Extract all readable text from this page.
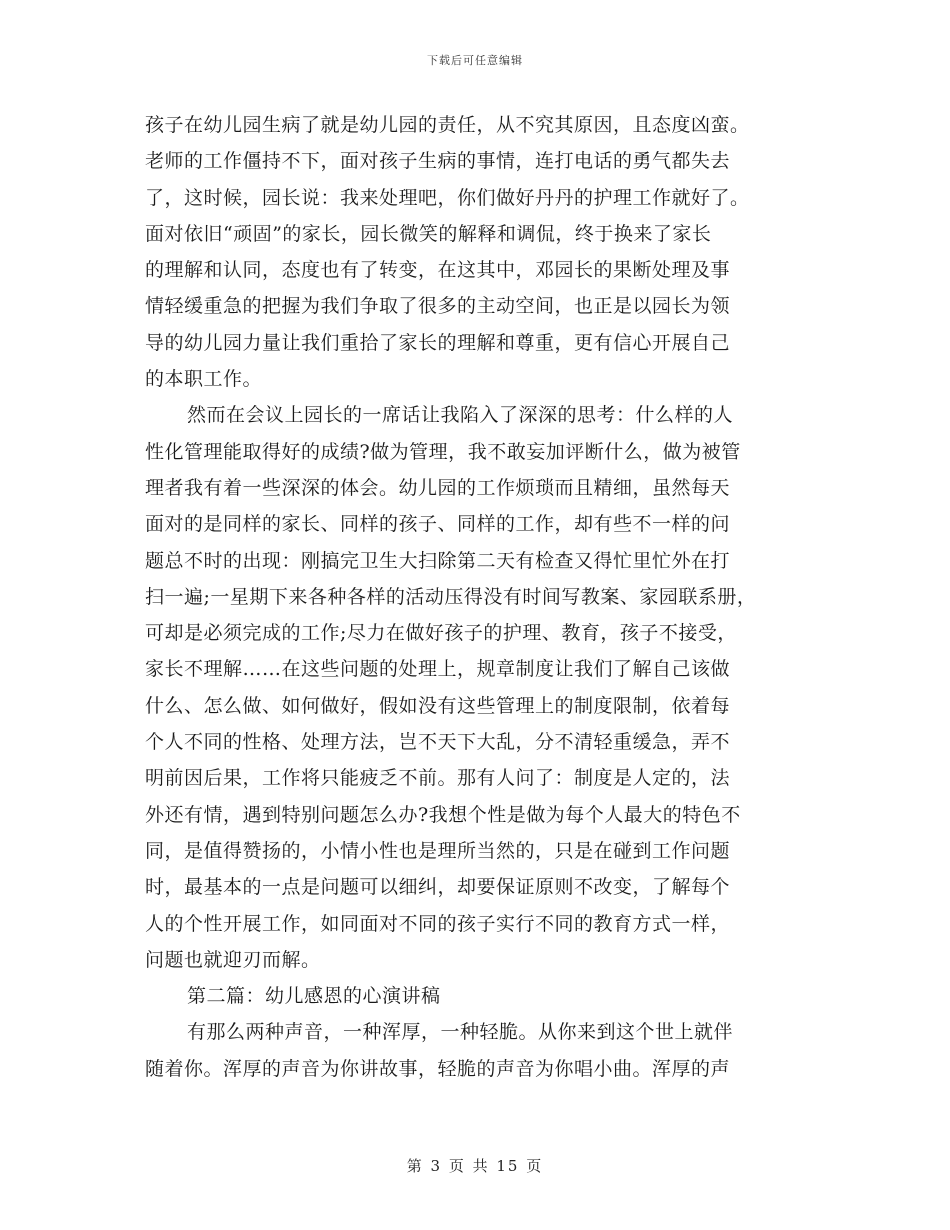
下载后可任意编辑
孩子在幼儿园生病了就是幼儿园的责任，从不究其原因，且态度凶蛮。
老师的工作僵持不下，面对孩子生病的事情，连打电话的勇气都失去
了，这时候，园长说：我来处理吧，你们做好丹丹的护理工作就好了。
面对依旧“顽固”的家长，园长微笑的解释和调侃，终于换来了家长
的理解和认同，态度也有了转变，在这其中，邓园长的果断处理及事
情轻缓重急的把握为我们争取了很多的主动空间，也正是以园长为领
导的幼儿园力量让我们重拾了家长的理解和尊重，更有信心开展自己
的本职工作。
然而在会议上园长的一席话让我陷入了深深的思考：什么样的人
性化管理能取得好的成绩?做为管理，我不敢妄加评断什么，做为被管
理者我有着一些深深的体会。幼儿园的工作烦琐而且精细，虽然每天
面对的是同样的家长、同样的孩子、同样的工作，却有些不一样的问
题总不时的出现：刚搞完卫生大扫除第二天有检查又得忙里忙外在打
扫一遍;一星期下来各种各样的活动压得没有时间写教案、家园联系册，
可却是必须完成的工作;尽力在做好孩子的护理、教育，孩子不接受，
家长不理解……在这些问题的处理上，规章制度让我们了解自己该做
什么、怎么做、如何做好，假如没有这些管理上的制度限制，依着每
个人不同的性格、处理方法，岂不天下大乱，分不清轻重缓急，弄不
明前因后果，工作将只能疲乏不前。那有人问了：制度是人定的，法
外还有情，遇到特别问题怎么办?我想个性是做为每个人最大的特色不
同，是值得赞扬的，小情小性也是理所当然的，只是在碰到工作问题
时，最基本的一点是问题可以细纠，却要保证原则不改变，了解每个
人的个性开展工作，如同面对不同的孩子实行不同的教育方式一样，
问题也就迎刃而解。
第二篇：幼儿感恩的心演讲稿
有那么两种声音，一种浑厚，一种轻脆。从你来到这个世上就伴
随着你。浑厚的声音为你讲故事，轻脆的声音为你唱小曲。浑厚的声
第 3 页 共 15 页
